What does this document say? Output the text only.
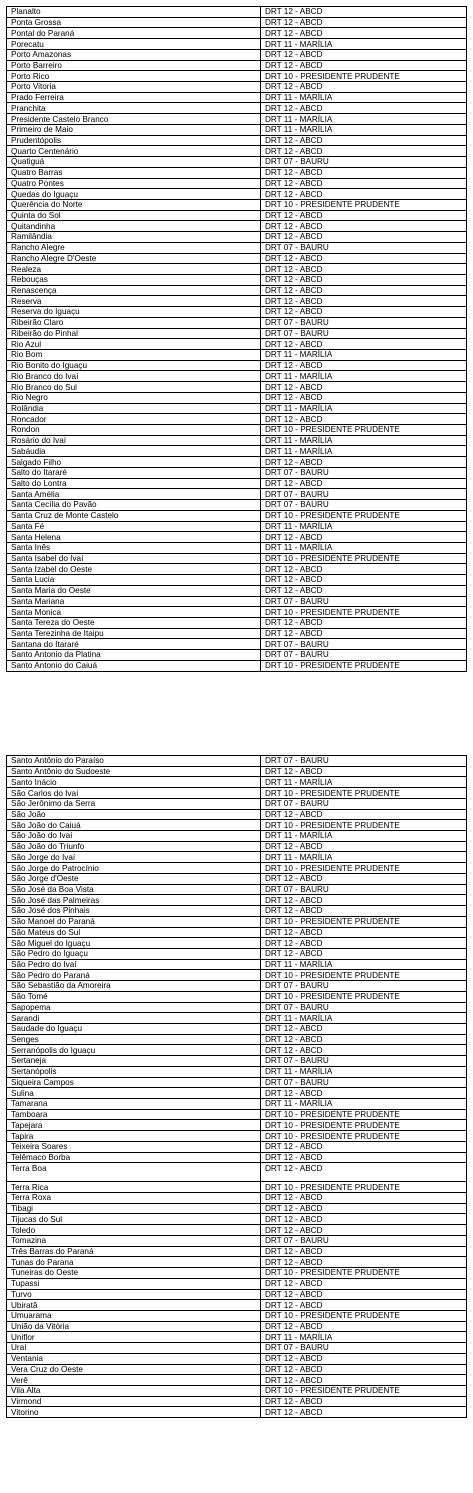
Planalto	DRT 12 - ABCD
Ponta Grossa	DRT 12 - ABCD
Pontal do Paraná	DRT 12 - ABCD
Porecatu	DRT 11 - MARÍLIA
Porto Amazonas	DRT 12 - ABCD
Porto Barreiro	DRT 12 - ABCD
Porto Rico	DRT 10 - PRESIDENTE PRUDENTE
Porto Vitoria	DRT 12 - ABCD
Prado Ferreira	DRT 11 - MARÍLIA
Pranchita	DRT 12 - ABCD
Presidente Castelo Branco	DRT 11 - MARÍLIA
Primeiro de Maio	DRT 11 - MARÍLIA
Prudentópolis	DRT 12 - ABCD
Quarto Centenário	DRT 12 - ABCD
Quatiguá	DRT 07 - BAURU
Quatro Barras	DRT 12 - ABCD
Quatro Pontes	DRT 12 - ABCD
Quedas do Iguaçu	DRT 12 - ABCD
Querência do Norte	DRT 10 - PRESIDENTE PRUDENTE
Quinta do Sol	DRT 12 - ABCD
Quitandinha	DRT 12 - ABCD
Ramilândia	DRT 12 - ABCD
Rancho Alegre	DRT 07 - BAURU
Rancho Alegre D'Oeste	DRT 12 - ABCD
Realeza	DRT 12 - ABCD
Rebouças	DRT 12 - ABCD
Renascença	DRT 12 - ABCD
Reserva	DRT 12 - ABCD
Reserva do Iguaçu	DRT 12 - ABCD
Ribeirão Claro	DRT 07 - BAURU
Ribeirão do Pinhal	DRT 07 - BAURU
Rio Azul	DRT 12 - ABCD
Rio Bom	DRT 11 - MARÍLIA
Rio Bonito do Iguaçu	DRT 12 - ABCD
Rio Branco do Ivaí	DRT 11 - MARÍLIA
Rio Branco do Sul	DRT 12 - ABCD
Rio Negro	DRT 12 - ABCD
Rolândia	DRT 11 - MARÍLIA
Roncador	DRT 12 - ABCD
Rondon	DRT 10 - PRESIDENTE PRUDENTE
Rosário do Ivaí	DRT 11 - MARÍLIA
Sabáudia	DRT 11 - MARÍLIA
Salgado Filho	DRT 12 - ABCD
Salto do Itararé	DRT 07 - BAURU
Salto do Lontra	DRT 12 - ABCD
Santa Amélia	DRT 07 - BAURU
Santa Cecília do Pavão	DRT 07 - BAURU
Santa Cruz de Monte Castelo	DRT 10 - PRESIDENTE PRUDENTE
Santa Fé	DRT 11 - MARÍLIA
Santa Helena	DRT 12 - ABCD
Santa Inês	DRT 11 - MARÍLIA
Santa Isabel do Ivaí	DRT 10 - PRESIDENTE PRUDENTE
Santa Izabel do Oeste	DRT 12 - ABCD
Santa Lucia	DRT 12 - ABCD
Santa Maria do Oeste	DRT 12 - ABCD
Santa Mariana	DRT 07 - BAURU
Santa Monica	DRT 10 - PRESIDENTE PRUDENTE
Santa Tereza do Oeste	DRT 12 - ABCD
Santa Terezinha de Itaipu	DRT 12 - ABCD
Santana do Itararé	DRT 07 - BAURU
Santo Antonio da Platina	DRT 07 - BAURU
Santo Antonio do Caiuá	DRT 10 - PRESIDENTE PRUDENTE
Santo Antônio do Paraíso	DRT 07 - BAURU
Santo Antônio do Sudoeste	DRT 12 - ABCD
Santo Inácio	DRT 11 - MARÍLIA
São Carlos do Ivaí	DRT 10 - PRESIDENTE PRUDENTE
São Jerônimo da Serra	DRT 07 - BAURU
São João	DRT 12 - ABCD
São João do Caiuá	DRT 10 - PRESIDENTE PRUDENTE
São João do Ivaí	DRT 11 - MARÍLIA
São João do Triunfo	DRT 12 - ABCD
São Jorge do Ivaí	DRT 11 - MARÍLIA
São Jorge do Patrocínio	DRT 10 - PRESIDENTE PRUDENTE
São Jorge d'Oeste	DRT 12 - ABCD
São José da Boa Vista	DRT 07 - BAURU
São José das Palmeiras	DRT 12 - ABCD
São José dos Pinhais	DRT 12 - ABCD
São Manoel do Paraná	DRT 10 - PRESIDENTE PRUDENTE
São Mateus do Sul	DRT 12 - ABCD
São Miguel do Iguaçu	DRT 12 - ABCD
São Pedro do Iguaçu	DRT 12 - ABCD
São Pedro do Ivaí	DRT 11 - MARÍLIA
São Pedro do Paraná	DRT 10 - PRESIDENTE PRUDENTE
São Sebastião da Amoreira	DRT 07 - BAURU
São Tomé	DRT 10 - PRESIDENTE PRUDENTE
Sapopema	DRT 07 - BAURU
Sarandi	DRT 11 - MARÍLIA
Saudade do Iguaçu	DRT 12 - ABCD
Senges	DRT 12 - ABCD
Serranópolis do Iguaçu	DRT 12 - ABCD
Sertaneja	DRT 07 - BAURU
Sertanópolis	DRT 11 - MARÍLIA
Siqueira Campos	DRT 07 - BAURU
Sulina	DRT 12 - ABCD
Tamarana	DRT 11 - MARÍLIA
Tamboara	DRT 10 - PRESIDENTE PRUDENTE
Tapejara	DRT 10 - PRESIDENTE PRUDENTE
Tapira	DRT 10 - PRESIDENTE PRUDENTE
Teixeira Soares	DRT 12 - ABCD
Telêmaco Borba	DRT 12 - ABCD
Terra Boa	DRT 12 - ABCD
Terra Rica	DRT 10 - PRESIDENTE PRUDENTE
Terra Roxa	DRT 12 - ABCD
Tibagi	DRT 12 - ABCD
Tijucas do Sul	DRT 12 - ABCD
Toledo	DRT 12 - ABCD
Tomazina	DRT 07 - BAURU
Três Barras do Paraná	DRT 12 - ABCD
Tunas do Parana	DRT 12 - ABCD
Tuneiras do Oeste	DRT 10 - PRESIDENTE PRUDENTE
Tupassi	DRT 12 - ABCD
Turvo	DRT 12 - ABCD
Ubiratã	DRT 12 - ABCD
Umuarama	DRT 10 - PRESIDENTE PRUDENTE
União da Vitória	DRT 12 - ABCD
Uniflor	DRT 11 - MARÍLIA
Uraí	DRT 07 - BAURU
Ventania	DRT 12 - ABCD
Vera Cruz do Oeste	DRT 12 - ABCD
Verê	DRT 12 - ABCD
Vila Alta	DRT 10 - PRESIDENTE PRUDENTE
Virmond	DRT 12 - ABCD
Vitorino	DRT 12 - ABCD
